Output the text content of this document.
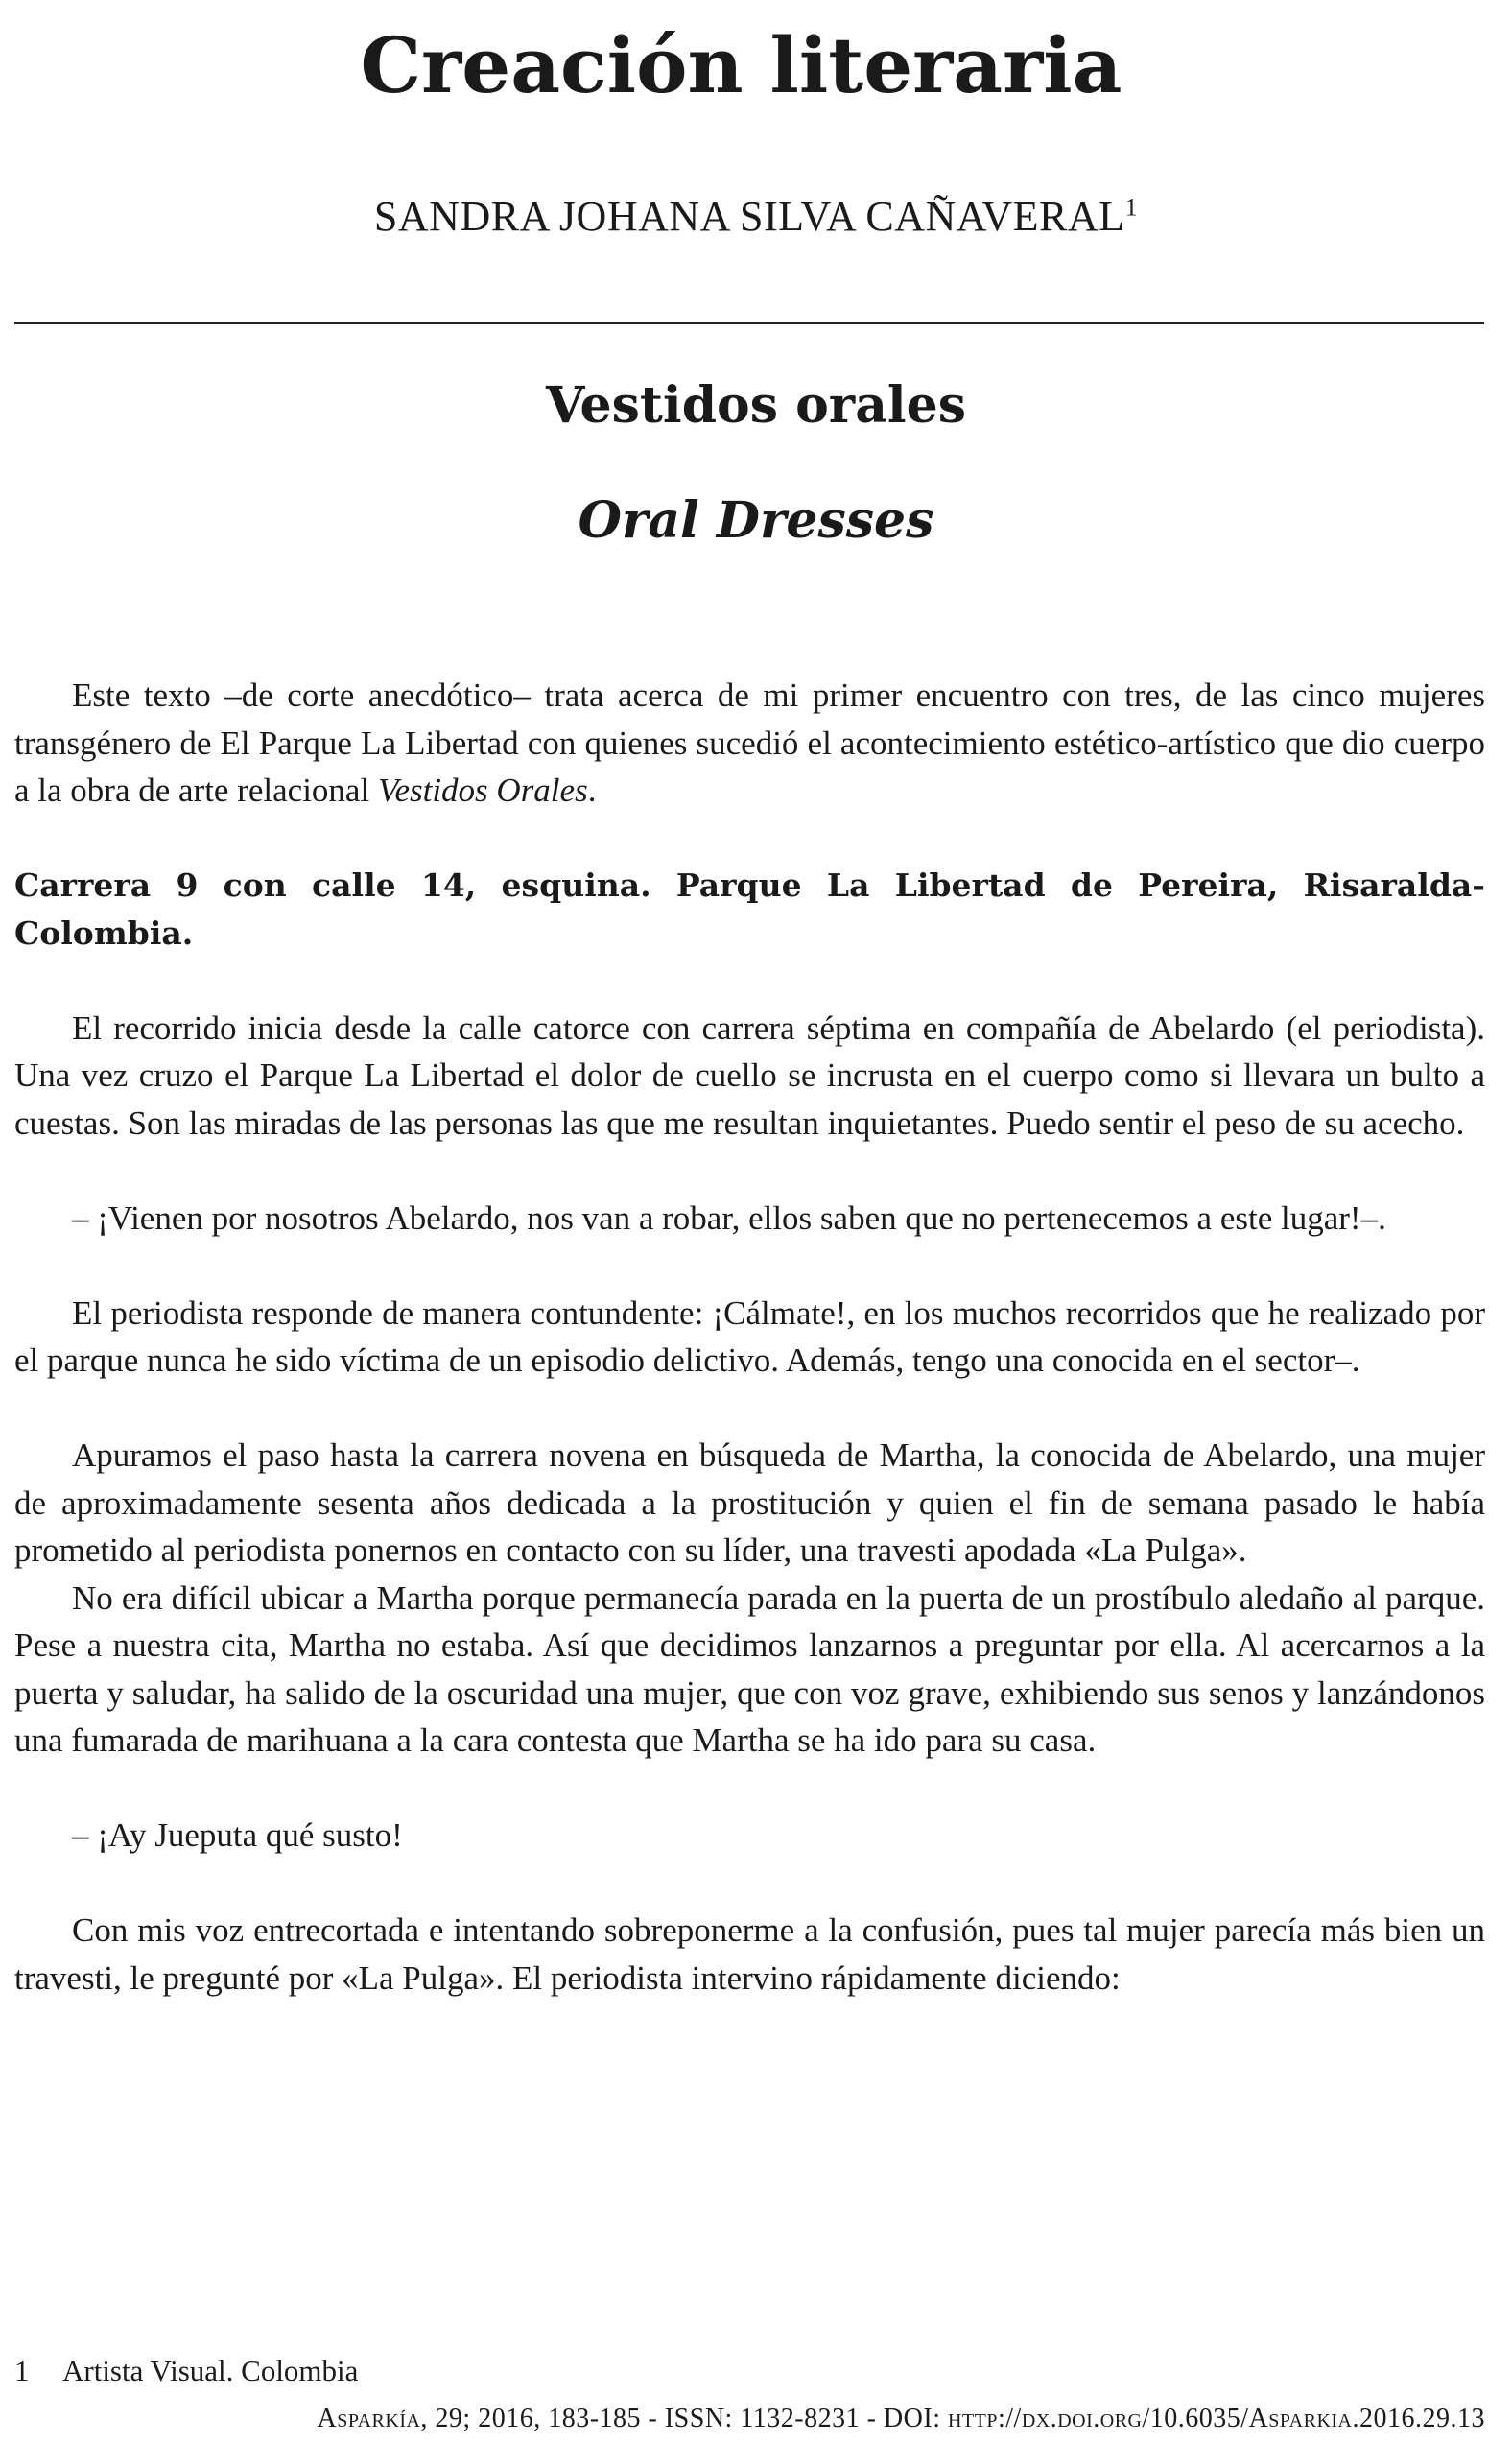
Creación literaria
SANDRA JOHANA SILVA CAÑAVERAL$^1$
Vestidos orales
Oral Dresses

Este texto –de corte anecdótico– trata acerca de mi primer encuentro con tres, de las cinco mujeres transgénero de El Parque La Libertad con quienes sucedió el acontecimiento estético-artístico que dio cuerpo a la obra de arte relacional Vestidos Orales.

Carrera 9 con calle 14, esquina. Parque La Libertad de Pereira, Risaralda-Colombia.

El recorrido inicia desde la calle catorce con carrera séptima en compañía de Abelardo (el periodista). Una vez cruzo el Parque La Libertad el dolor de cuello se incrusta en el cuerpo como si llevara un bulto a cuestas. Son las miradas de las personas las que me resultan inquietantes. Puedo sentir el peso de su acecho.

– ¡Vienen por nosotros Abelardo, nos van a robar, ellos saben que no pertenecemos a este lugar!–.

El periodista responde de manera contundente: ¡Cálmate!, en los muchos recorridos que he realizado por el parque nunca he sido víctima de un episodio delictivo. Además, tengo una conocida en el sector–.

Apuramos el paso hasta la carrera novena en búsqueda de Martha, la conocida de Abelardo, una mujer de aproximadamente sesenta años dedicada a la prostitución y quien el fin de semana pasado le había prometido al periodista ponernos en contacto con su líder, una travesti apodada «La Pulga».

No era difícil ubicar a Martha porque permanecía parada en la puerta de un prostíbulo aledaño al parque. Pese a nuestra cita, Martha no estaba. Así que decidimos lanzarnos a preguntar por ella. Al acercarnos a la puerta y saludar, ha salido de la oscuridad una mujer, que con voz grave, exhibiendo sus senos y lanzándonos una fumarada de marihuana a la cara contesta que Martha se ha ido para su casa.

– ¡Ay Jueputa qué susto!

Con mis voz entrecortada e intentando sobreponerme a la confusión, pues tal mujer parecía más bien un travesti, le pregunté por «La Pulga». El periodista intervino rápidamente diciendo:

1 Artista Visual. Colombia
Asparkía, 29; 2016, 183-185 - ISSN: 1132-8231 - DOI: http://dx.doi.org/10.6035/Asparkia.2016.29.13
